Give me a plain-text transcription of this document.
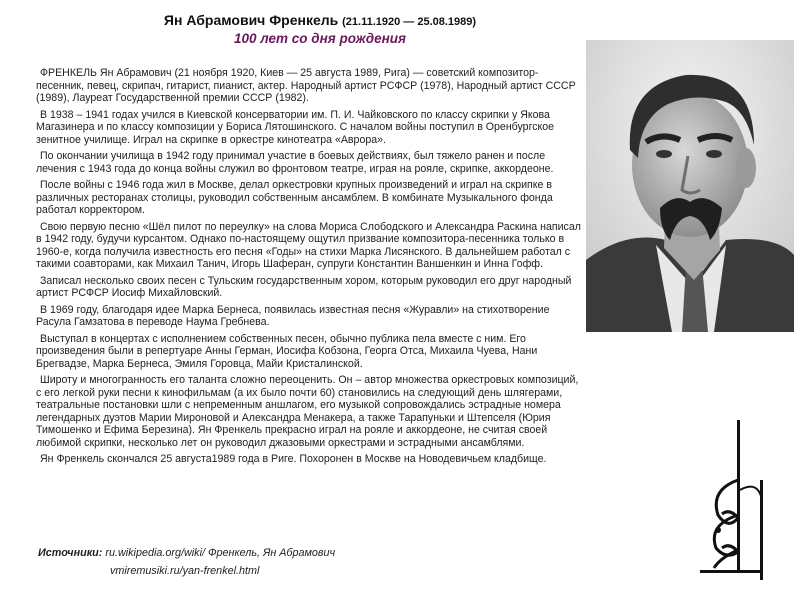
Ян Абрамович Френкель (21.11.1920 — 25.08.1989)
100 лет со дня рождения

ФРЕНКЕЛЬ Ян Абрамович (21 ноября 1920, Киев — 25 августа 1989, Рига) — советский композитор-песенник, певец, скрипач, гитарист, пианист, актер. Народный артист РСФСР (1978), Народный артист СССР (1989), Лауреат Государственной премии СССР (1982).

В 1938 – 1941 годах учился в Киевской консерватории им. П. И. Чайковского по классу скрипки у Якова Магазинера и по классу композиции у Бориса Лятошинского. С началом войны поступил в Оренбургское зенитное училище. Играл на скрипке в оркестре кинотеатра «Аврора».

По окончании училища в 1942 году принимал участие в боевых действиях, был тяжело ранен и после лечения с 1943 года до конца войны служил во фронтовом театре, играя на рояле, скрипке, аккордеоне.

После войны с 1946 года жил в Москве, делал оркестровки крупных произведений и играл на скрипке в различных ресторанах столицы, руководил собственным ансамблем. В комбинате Музыкального фонда работал корректором.

Свою первую песню «Шёл пилот по переулку» на слова Мориса Слободского и Александра Раскина написал в 1942 году, будучи курсантом. Однако по-настоящему ощутил призвание композитора-песенника только в 1960-е, когда получила известность его песня «Годы» на стихи Марка Лисянского. В дальнейшем работал с такими соавторами, как Михаил Танич, Игорь Шаферан, супруги Константин Ваншенкин и Инна Гофф.

Записал несколько своих песен с Тульским государственным хором, которым руководил его друг народный артист РСФСР Иосиф Михайловский.

В 1969 году, благодаря идее Марка Бернеса, появилась известная песня «Журавли» на стихотворение Расула Гамзатова в переводе Наума Гребнева.

Выступал в концертах с исполнением собственных песен, обычно публика пела вместе с ним. Его произведения были в репертуаре Анны Герман, Иосифа Кобзона, Георга Отса, Михаила Чуева, Нани Брегвадзе, Марка Бернеса, Эмиля Горовца, Майи Кристалинской.

Широту и многогранность его таланта сложно переоценить. Он – автор множества оркестровых композиций, с его легкой руки песни к кинофильмам (а их было почти 60) становились на следующий день шлягерами, театральные постановки шли с непременным аншлагом, его музыкой сопровождались эстрадные номера легендарных дуэтов Марии Мироновой и Александра Менакера, а также Тарапуньки и Штепселя (Юрия Тимошенко и Ефима Березина). Ян Френкель прекрасно играл на рояле и аккордеоне, не считая своей любимой скрипки, несколько лет он руководил джазовыми оркестрами и эстрадными ансамблями.

Ян Френкель скончался 25 августа1989 года в Риге. Похоронен в Москве на Новодевичьем кладбище.

Источники: ru.wikipedia.org/wiki/ Френкель, Ян Абрамович
vmiremusiki.ru/yan-frenkel.html
